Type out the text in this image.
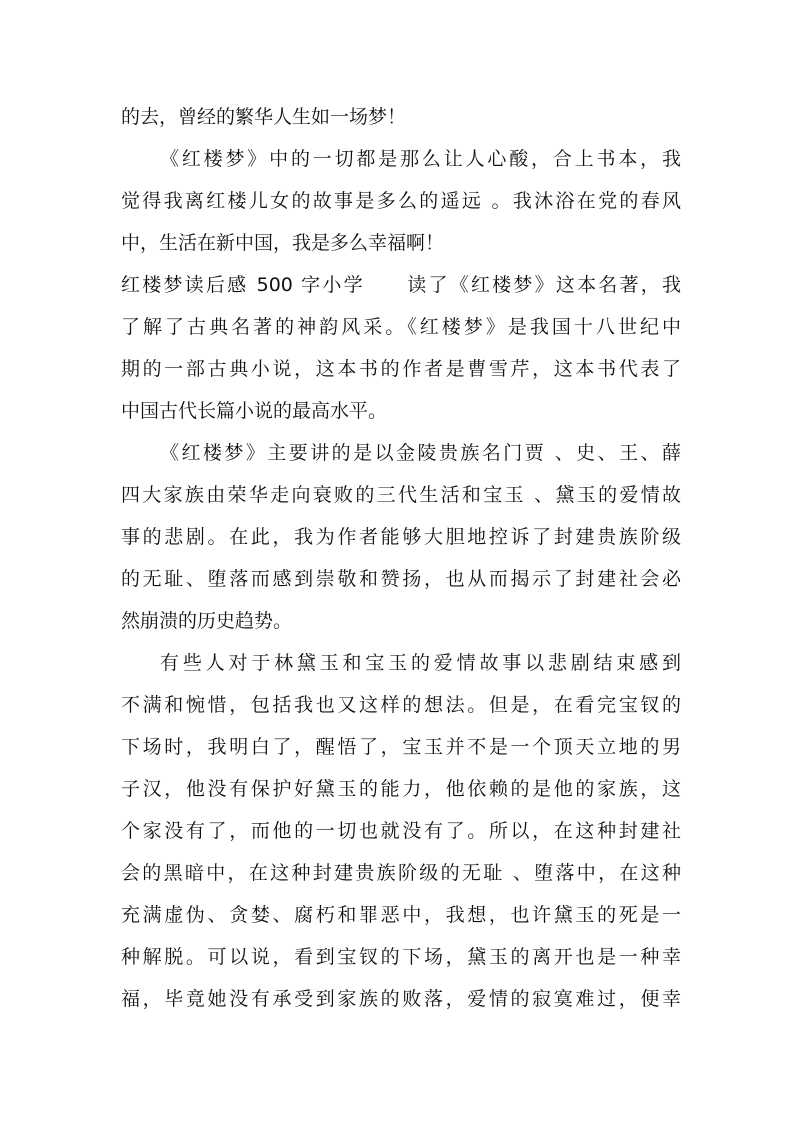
的去，曾经的繁华人生如一场梦！
《红楼梦》中的一切都是那么让人心酸，合上书本，我
觉得我离红楼儿女的故事是多么的遥远 。我沐浴在党的春风
中，生活在新中国，我是多么幸福啊！
红楼梦读后感 500 字小学　　读了《红楼梦》这本名著，我
了解了古典名著的神韵风采。《红楼梦》是我国十八世纪中
期的一部古典小说，这本书的作者是曹雪芹，这本书代表了
中国古代长篇小说的最高水平。
《红楼梦》主要讲的是以金陵贵族名门贾 、史、王、薛
四大家族由荣华走向衰败的三代生活和宝玉 、黛玉的爱情故
事的悲剧。在此，我为作者能够大胆地控诉了封建贵族阶级
的无耻、堕落而感到崇敬和赞扬，也从而揭示了封建社会必
然崩溃的历史趋势。
有些人对于林黛玉和宝玉的爱情故事以悲剧结束感到
不满和惋惜，包括我也又这样的想法。但是，在看完宝钗的
下场时，我明白了，醒悟了，宝玉并不是一个顶天立地的男
子汉，他没有保护好黛玉的能力，他依赖的是他的家族，这
个家没有了，而他的一切也就没有了。所以，在这种封建社
会的黑暗中，在这种封建贵族阶级的无耻 、堕落中，在这种
充满虚伪、贪婪、腐朽和罪恶中，我想，也许黛玉的死是一
种解脱。可以说，看到宝钗的下场，黛玉的离开也是一种幸
福，毕竟她没有承受到家族的败落，爱情的寂寞难过，便幸
